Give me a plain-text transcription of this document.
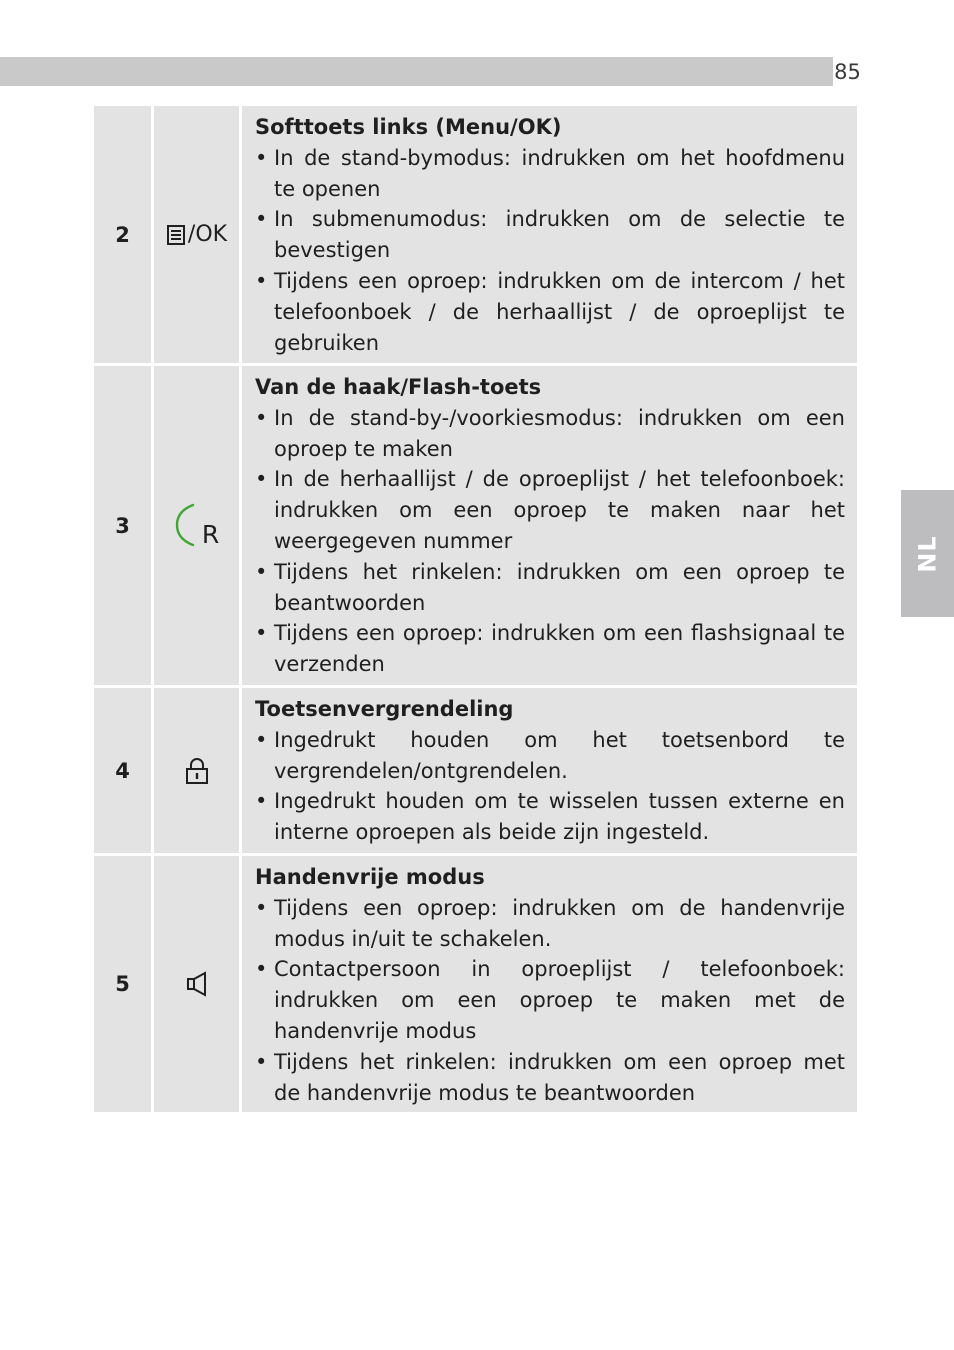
85
NL
2	/OK
Softtoets links (Menu/OK)
• In de stand-bymodus: indrukken om het hoofdmenu te openen
• In submenumodus: indrukken om de selectie te bevestigen
• Tijdens een oproep: indrukken om de intercom / het telefoonboek / de herhaallijst / de oproeplijst te gebruiken
3	R
Van de haak/Flash-toets
• In de stand-by-/voorkiesmodus: indrukken om een oproep te maken
• In de herhaallijst / de oproeplijst / het telefoonboek: indrukken om een oproep te maken naar het weergegeven nummer
• Tijdens het rinkelen: indrukken om een oproep te beantwoorden
• Tijdens een oproep: indrukken om een flashsignaal te verzenden
4
Toetsenvergrendeling
• Ingedrukt houden om het toetsenbord te vergrendelen/ontgrendelen.
• Ingedrukt houden om te wisselen tussen externe en interne oproepen als beide zijn ingesteld.
5
Handenvrije modus
• Tijdens een oproep: indrukken om de handenvrije modus in/uit te schakelen.
• Contactpersoon in oproeplijst / telefoonboek: indrukken om een oproep te maken met de handenvrije modus
• Tijdens het rinkelen: indrukken om een oproep met de handenvrije modus te beantwoorden
